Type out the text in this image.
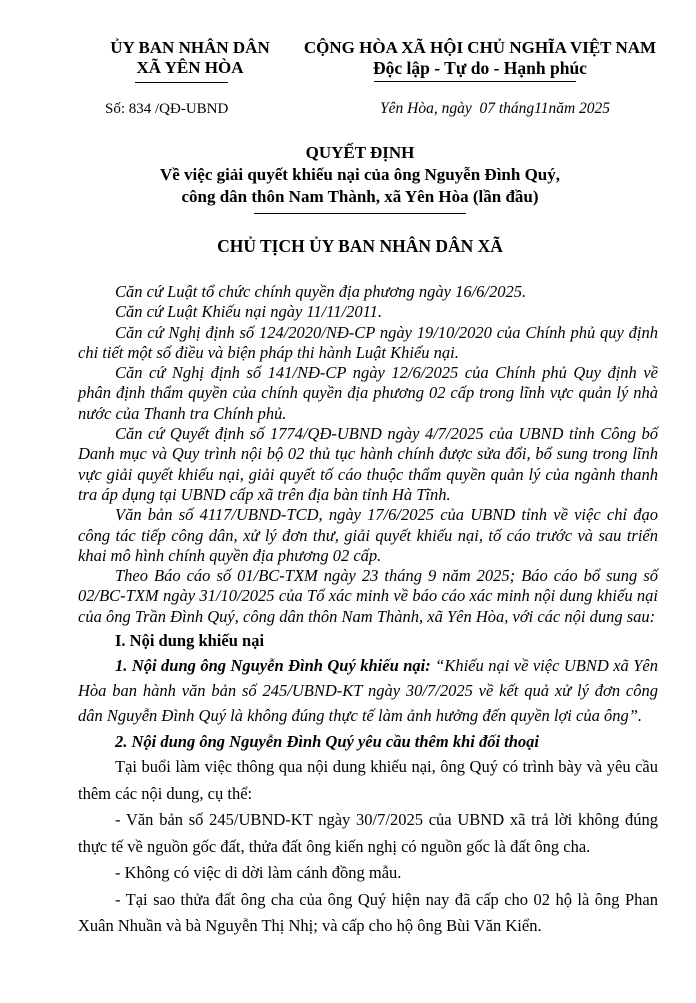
ỦY BAN NHÂN DÂN
XÃ YÊN HÒA
CỘNG HÒA XÃ HỘI CHỦ NGHĨA VIỆT NAM
Độc lập - Tự do - Hạnh phúc
Số: 834 /QĐ-UBND	Yên Hòa, ngày  07 tháng11năm 2025
QUYẾT ĐỊNH
Về việc giải quyết khiếu nại của ông Nguyễn Đình Quý,
công dân thôn Nam Thành, xã Yên Hòa (lần đầu)
CHỦ TỊCH ỦY BAN NHÂN DÂN XÃ

Căn cứ Luật tổ chức chính quyền địa phương ngày 16/6/2025.

Căn cứ Luật Khiếu nại ngày 11/11/2011.

Căn cứ Nghị định số 124/2020/NĐ-CP ngày 19/10/2020 của Chính phủ quy định chi tiết một số điều và biện pháp thi hành Luật Khiếu nại.

Căn cứ Nghị định số 141/NĐ-CP ngày 12/6/2025 của Chính phủ Quy định về phân định thẩm quyền của chính quyền địa phương 02 cấp trong lĩnh vực quản lý nhà nước của Thanh tra Chính phủ.

Căn cứ Quyết định số 1774/QĐ-UBND ngày 4/7/2025 của UBND tỉnh Công bố Danh mục và Quy trình nội bộ 02 thủ tục hành chính được sửa đổi, bổ sung trong lĩnh vực giải quyết khiếu nại, giải quyết tố cáo thuộc thẩm quyền quản lý của ngành thanh tra áp dụng tại UBND cấp xã trên địa bàn tỉnh Hà Tĩnh.

Văn bản số 4117/UBND-TCD, ngày 17/6/2025 của UBND tỉnh về việc chỉ đạo công tác tiếp công dân, xử lý đơn thư, giải quyết khiếu nại, tố cáo trước và sau triển khai mô hình chính quyền địa phương 02 cấp.

Theo Báo cáo số 01/BC-TXM ngày 23 tháng 9 năm 2025; Báo cáo bổ sung số 02/BC-TXM ngày 31/10/2025 của Tổ xác minh về báo cáo xác minh nội dung khiếu nại của ông Trần Đình Quý, công dân thôn Nam Thành, xã Yên Hòa, với các nội dung sau:

I. Nội dung khiếu nại

1. Nội dung ông Nguyễn Đình Quý khiếu nại: “Khiếu nại về việc UBND xã Yên Hòa ban hành văn bản số 245/UBND-KT ngày 30/7/2025 về kết quả xử lý đơn công dân Nguyễn Đình Quý là không đúng thực tế làm ảnh hưởng đến quyền lợi của ông”.

2. Nội dung ông Nguyễn Đình Quý yêu cầu thêm khi đối thoại

Tại buổi làm việc thông qua nội dung khiếu nại, ông Quý có trình bày và yêu cầu thêm các nội dung, cụ thể:

- Văn bản số 245/UBND-KT ngày 30/7/2025 của UBND xã trả lời không đúng thực tế về nguồn gốc đất, thửa đất ông kiến nghị có nguồn gốc là đất ông cha.

- Không có việc di dời làm cánh đồng mẫu.

- Tại sao thửa đất ông cha của ông Quý hiện nay đã cấp cho 02 hộ là ông Phan Xuân Nhuần và bà Nguyễn Thị Nhị; và cấp cho hộ ông Bùi Văn Kiển.
